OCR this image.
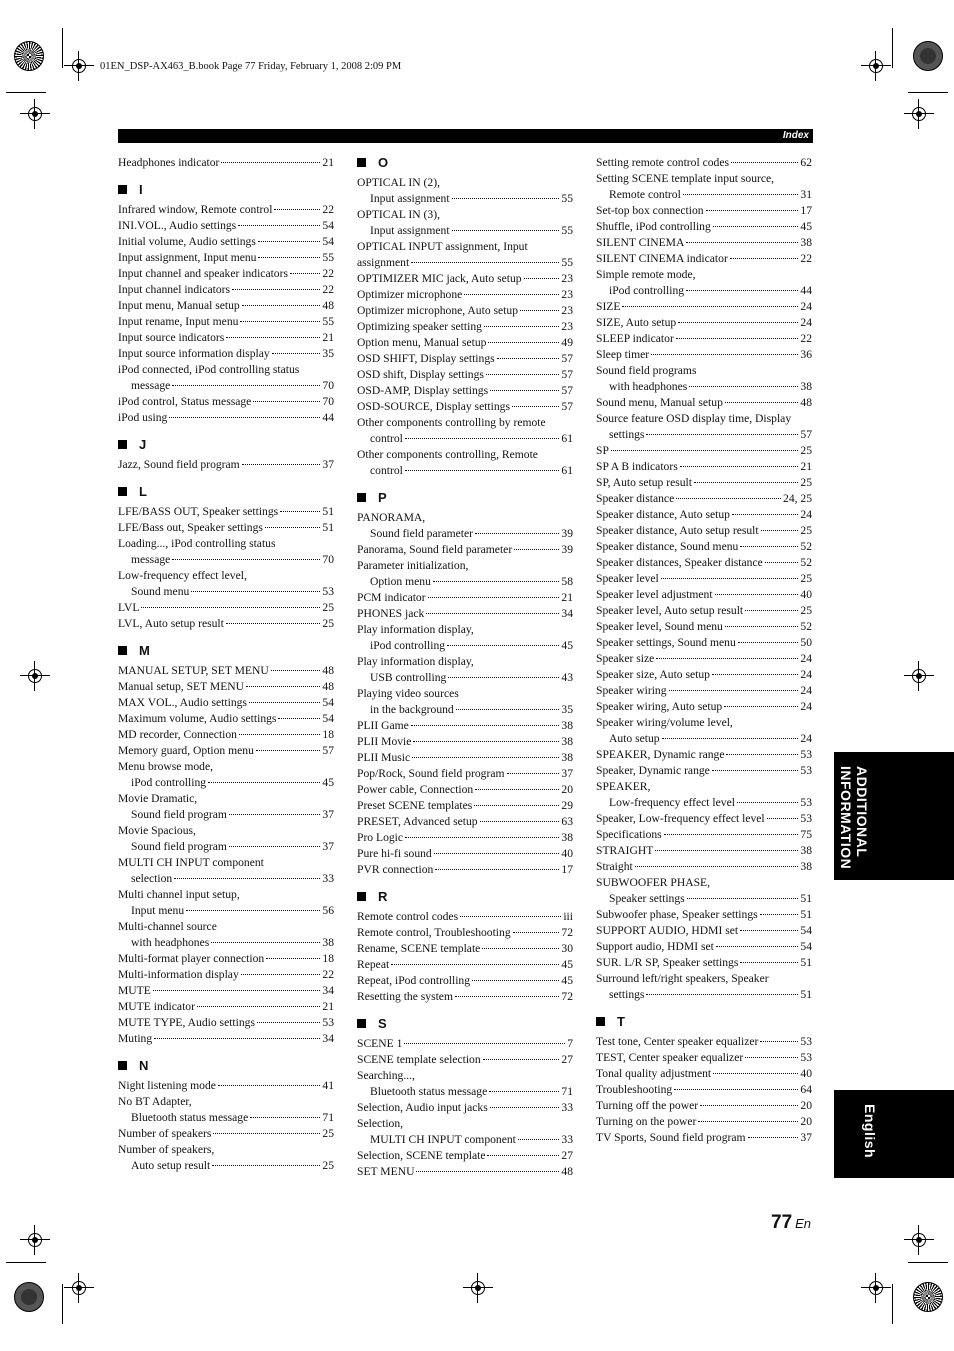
01EN_DSP-AX463_B.book Page 77 Friday, February 1, 2008 2:09 PM
Index
Headphones indicator	21
I
Infrared window, Remote control	22
INI.VOL., Audio settings	54
Initial volume, Audio settings	54
Input assignment, Input menu	55
Input channel and speaker indicators	22
Input channel indicators	22
Input menu, Manual setup	48
Input rename, Input menu	55
Input source indicators	21
Input source information display	35
iPod connected, iPod controlling status
message	70
iPod control, Status message	70
iPod using	44
J
Jazz, Sound field program	37
L
LFE/BASS OUT, Speaker settings	51
LFE/Bass out, Speaker settings	51
Loading..., iPod controlling status
message	70
Low-frequency effect level,
Sound menu	53
LVL	25
LVL, Auto setup result	25
M
MANUAL SETUP, SET MENU	48
Manual setup, SET MENU	48
MAX VOL., Audio settings	54
Maximum volume, Audio settings	54
MD recorder, Connection	18
Memory guard, Option menu	57
Menu browse mode,
iPod controlling	45
Movie Dramatic,
Sound field program	37
Movie Spacious,
Sound field program	37
MULTI CH INPUT component
selection	33
Multi channel input setup,
Input menu	56
Multi-channel source
with headphones	38
Multi-format player connection	18
Multi-information display	22
MUTE	34
MUTE indicator	21
MUTE TYPE, Audio settings	53
Muting	34
N
Night listening mode	41
No BT Adapter,
Bluetooth status message	71
Number of speakers	25
Number of speakers,
Auto setup result	25
O
OPTICAL IN (2),
Input assignment	55
OPTICAL IN (3),
Input assignment	55
OPTICAL INPUT assignment, Input
assignment	55
OPTIMIZER MIC jack, Auto setup	23
Optimizer microphone	23
Optimizer microphone, Auto setup	23
Optimizing speaker setting	23
Option menu, Manual setup	49
OSD SHIFT, Display settings	57
OSD shift, Display settings	57
OSD-AMP, Display settings	57
OSD-SOURCE, Display settings	57
Other components controlling by remote
control	61
Other components controlling, Remote
control	61
P
PANORAMA,
Sound field parameter	39
Panorama, Sound field parameter	39
Parameter initialization,
Option menu	58
PCM indicator	21
PHONES jack	34
Play information display,
iPod controlling	45
Play information display,
USB controlling	43
Playing video sources
in the background	35
PLII Game	38
PLII Movie	38
PLII Music	38
Pop/Rock, Sound field program	37
Power cable, Connection	20
Preset SCENE templates	29
PRESET, Advanced setup	63
Pro Logic	38
Pure hi-fi sound	40
PVR connection	17
R
Remote control codes	iii
Remote control, Troubleshooting	72
Rename, SCENE template	30
Repeat	45
Repeat, iPod controlling	45
Resetting the system	72
S
SCENE 1	7
SCENE template selection	27
Searching...,
Bluetooth status message	71
Selection, Audio input jacks	33
Selection,
MULTI CH INPUT component	33
Selection, SCENE template	27
SET MENU	48
Setting remote control codes	62
Setting SCENE template input source,
Remote control	31
Set-top box connection	17
Shuffle, iPod controlling	45
SILENT CINEMA	38
SILENT CINEMA indicator	22
Simple remote mode,
iPod controlling	44
SIZE	24
SIZE, Auto setup	24
SLEEP indicator	22
Sleep timer	36
Sound field programs
with headphones	38
Sound menu, Manual setup	48
Source feature OSD display time, Display
settings	57
SP	25
SP A B indicators	21
SP, Auto setup result	25
Speaker distance	24, 25
Speaker distance, Auto setup	24
Speaker distance, Auto setup result	25
Speaker distance, Sound menu	52
Speaker distances, Speaker distance	52
Speaker level	25
Speaker level adjustment	40
Speaker level, Auto setup result	25
Speaker level, Sound menu	52
Speaker settings, Sound menu	50
Speaker size	24
Speaker size, Auto setup	24
Speaker wiring	24
Speaker wiring, Auto setup	24
Speaker wiring/volume level,
Auto setup	24
SPEAKER, Dynamic range	53
Speaker, Dynamic range	53
SPEAKER,
Low-frequency effect level	53
Speaker, Low-frequency effect level	53
Specifications	75
STRAIGHT	38
Straight	38
SUBWOOFER PHASE,
Speaker settings	51
Subwoofer phase, Speaker settings	51
SUPPORT AUDIO, HDMI set	54
Support audio, HDMI set	54
SUR. L/R SP, Speaker settings	51
Surround left/right speakers, Speaker
settings	51
T
Test tone, Center speaker equalizer	53
TEST, Center speaker equalizer	53
Tonal quality adjustment	40
Troubleshooting	64
Turning off the power	20
Turning on the power	20
TV Sports, Sound field program	37
ADDITIONAL
INFORMATION
English
77 En
